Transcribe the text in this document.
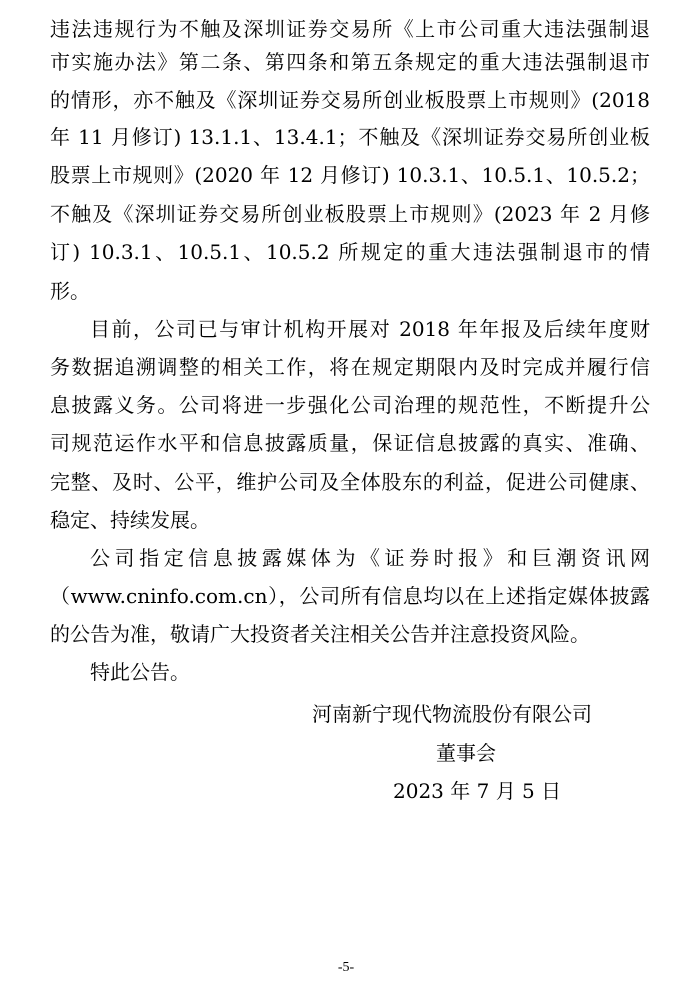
违法违规行为不触及深圳证券交易所《上市公司重大违法强制退
市实施办法》第二条、第四条和第五条规定的重大违法强制退市
的情形，亦不触及《深圳证券交易所创业板股票上市规则》(2018
年 11 月修订) 13.1.1、13.4.1；不触及《深圳证券交易所创业板
股票上市规则》(2020 年 12 月修订) 10.3.1、10.5.1、10.5.2；
不触及《深圳证券交易所创业板股票上市规则》(2023 年 2 月修
订) 10.3.1、10.5.1、10.5.2 所规定的重大违法强制退市的情
形。
目前，公司已与审计机构开展对 2018 年年报及后续年度财
务数据追溯调整的相关工作，将在规定期限内及时完成并履行信
息披露义务。公司将进一步强化公司治理的规范性，不断提升公
司规范运作水平和信息披露质量，保证信息披露的真实、准确、
完整、及时、公平，维护公司及全体股东的利益，促进公司健康、
稳定、持续发展。
公司指定信息披露媒体为《证券时报》和巨潮资讯网
（www.cninfo.com.cn），公司所有信息均以在上述指定媒体披露
的公告为准，敬请广大投资者关注相关公告并注意投资风险。
特此公告。
河南新宁现代物流股份有限公司
董事会
2023 年 7 月 5 日
-5-
